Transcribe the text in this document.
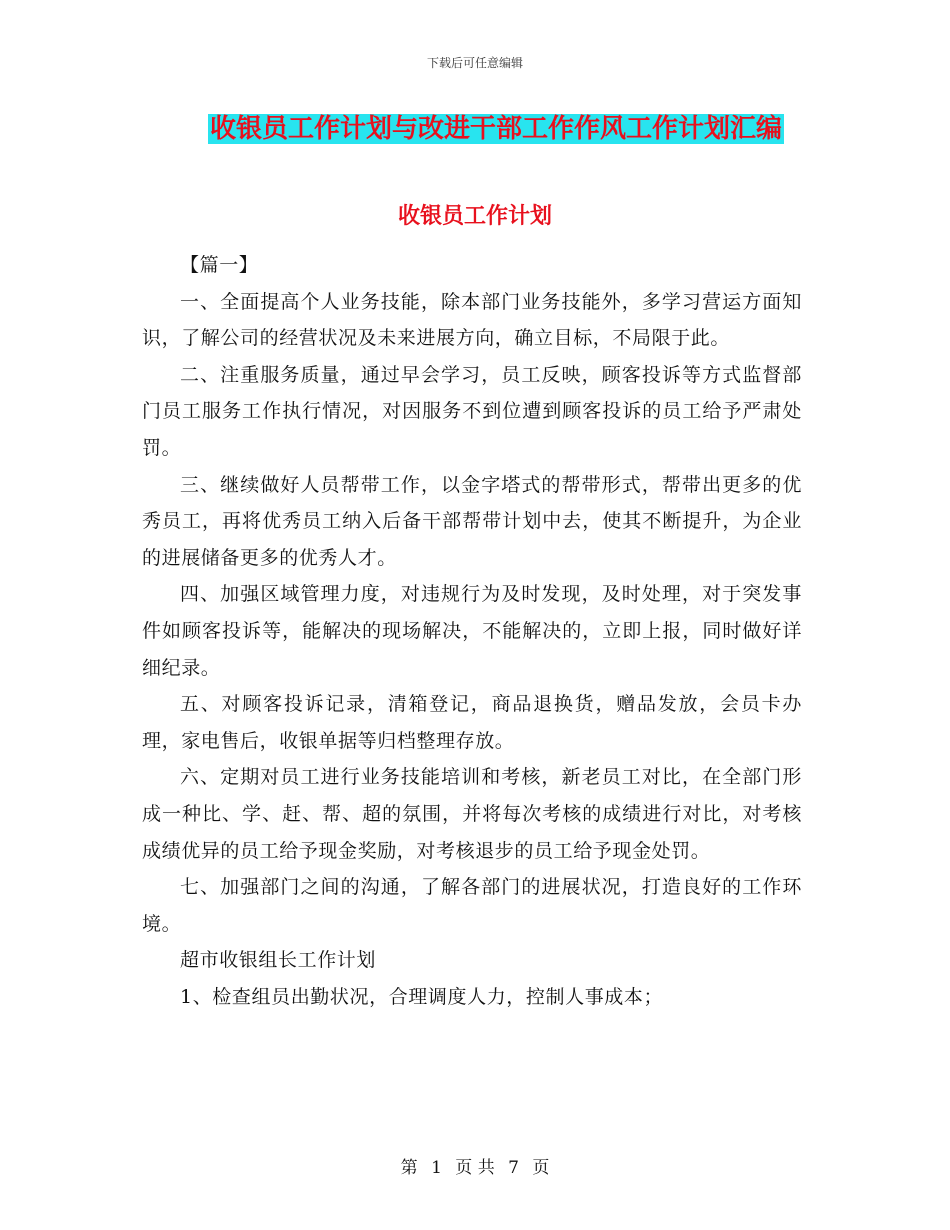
下载后可任意编辑
收银员工作计划与改进干部工作作风工作计划汇编
收银员工作计划

【篇一】

一、全面提高个人业务技能，除本部门业务技能外，多学习营运方面知识，了解公司的经营状况及未来进展方向，确立目标，不局限于此。

二、注重服务质量，通过早会学习，员工反映，顾客投诉等方式监督部门员工服务工作执行情况，对因服务不到位遭到顾客投诉的员工给予严肃处罚。

三、继续做好人员帮带工作，以金字塔式的帮带形式，帮带出更多的优秀员工，再将优秀员工纳入后备干部帮带计划中去，使其不断提升，为企业的进展储备更多的优秀人才。

四、加强区域管理力度，对违规行为及时发现，及时处理，对于突发事件如顾客投诉等，能解决的现场解决，不能解决的，立即上报，同时做好详细纪录。

五、对顾客投诉记录，清箱登记，商品退换货，赠品发放，会员卡办理，家电售后，收银单据等归档整理存放。

六、定期对员工进行业务技能培训和考核，新老员工对比，在全部门形成一种比、学、赶、帮、超的氛围，并将每次考核的成绩进行对比，对考核成绩优异的员工给予现金奖励，对考核退步的员工给予现金处罚。

七、加强部门之间的沟通，了解各部门的进展状况，打造良好的工作环境。

超市收银组长工作计划

1、检查组员出勤状况，合理调度人力，控制人事成本；

第 1 页 共 7 页
